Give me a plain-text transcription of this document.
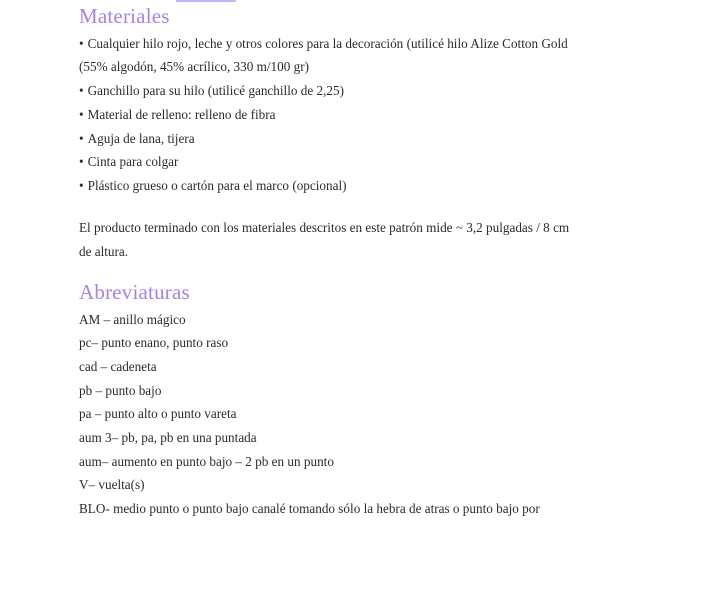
Materiales
• Cualquier hilo rojo, leche y otros colores para la decoración (utilicé hilo Alize Cotton Gold
(55% algodón, 45% acrílico, 330 m/100 gr)
• Ganchillo para su hilo (utilicé ganchillo de 2,25)
• Material de relleno: relleno de fibra
• Aguja de lana, tijera
• Cinta para colgar
• Plástico grueso o cartón para el marco (opcional)
El producto terminado con los materiales descritos en este patrón mide ~ 3,2 pulgadas / 8 cm
de altura.
Abreviaturas
AM – anillo mágico
pc– punto enano, punto raso
cad – cadeneta
pb – punto bajo
pa – punto alto o punto vareta
aum 3– pb, pa, pb en una puntada
aum– aumento en punto bajo – 2 pb en un punto
V– vuelta(s)
BLO- medio punto o punto bajo canalé tomando sólo la hebra de atras o punto bajo por
